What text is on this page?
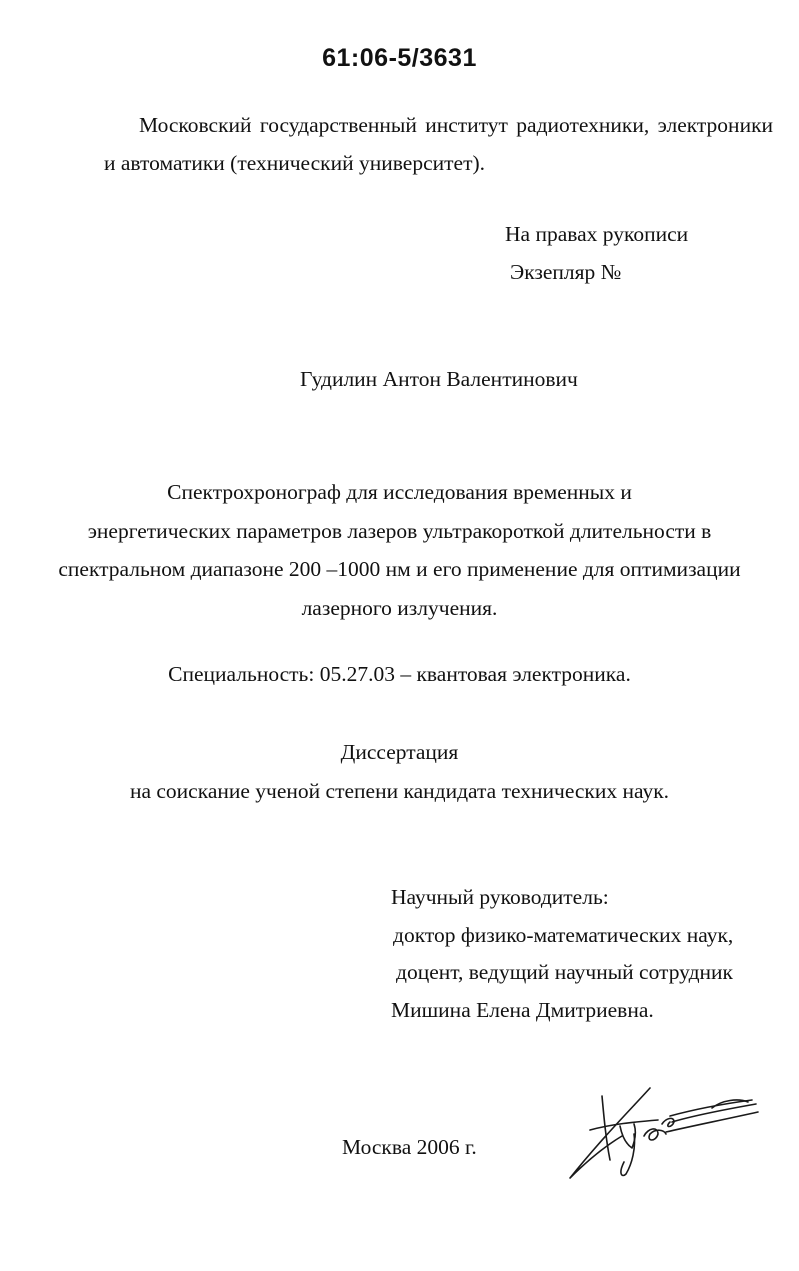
61:06-5/3631
Московский государственный институт радиотехники, электроники
и автоматики (технический университет).
На правах рукописи
Экзепляр №
Гудилин Антон Валентинович
Спектрохронограф для исследования временных и
энергетических параметров лазеров ультракороткой длительности в
спектральном диапазоне 200 –1000 нм и его применение для оптимизации
лазерного излучения.
Специальность: 05.27.03 – квантовая электроника.
Диссертация
на соискание ученой степени кандидата технических наук.
Научный руководитель:
доктор физико-математических наук,
доцент, ведущий научный сотрудник
Мишина Елена Дмитриевна.
Москва 2006 г.
